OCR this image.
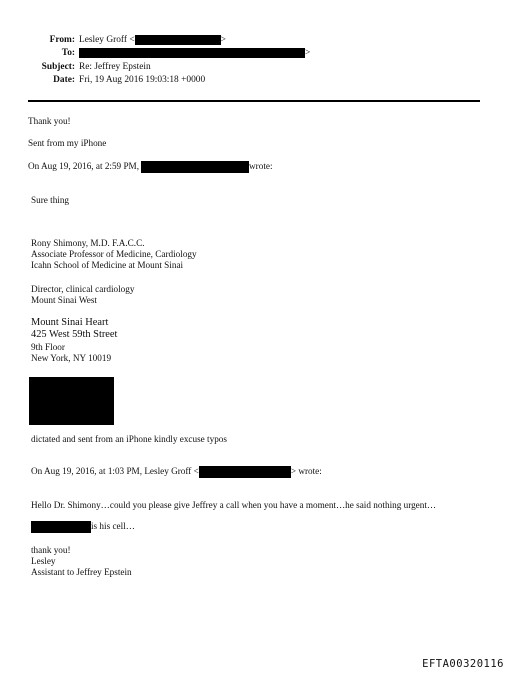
From: Lesley Groff <	>
To:	>
Subject: Re: Jeffrey Epstein
Date: Fri, 19 Aug 2016 19:03:18 +0000
Thank you!
Sent from my iPhone
On Aug 19, 2016, at 2:59 PM,	wrote:
Sure thing
Rony Shimony, M.D. F.A.C.C.
Associate Professor of Medicine, Cardiology
Icahn School of Medicine at Mount Sinai
Director, clinical cardiology
Mount Sinai West
Mount Sinai Heart
425 West 59th Street
9th Floor
New York, NY 10019
dictated and sent from an iPhone kindly excuse typos
On Aug 19, 2016, at 1:03 PM, Lesley Groff <	> wrote:
Hello Dr. Shimony…could you please give Jeffrey a call when you have a moment…he said nothing urgent…
is his cell…
thank you!
Lesley
Assistant to Jeffrey Epstein
EFTA00320116
